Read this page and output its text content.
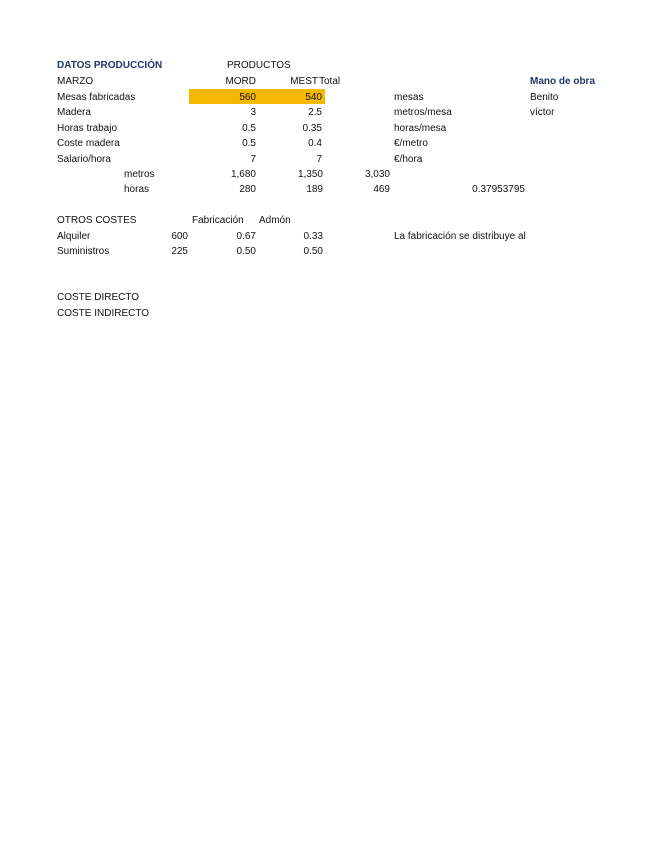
DATOS PRODUCCIÓN	PRODUCTOS
MARZO	MORD	MEST Total	Mano de obra
Mesas fabricadas	560	540	mesas	Benito
Madera	3	2.5	metros/mesa	víctor
Horas trabajo	0.5	0.35	horas/mesa
Coste madera	0.5	0.4	€/metro
Salario/hora	7	7	€/hora
metros	1,680	1,350	3,030
horas	280	189	469	0.37953795
OTROS COSTES	Fabricación Admón
Alquiler	600	0.67	0.33	La fabricación se distribuye al
Suministros	225	0.50	0.50
COSTE DIRECTO
COSTE INDIRECTO
